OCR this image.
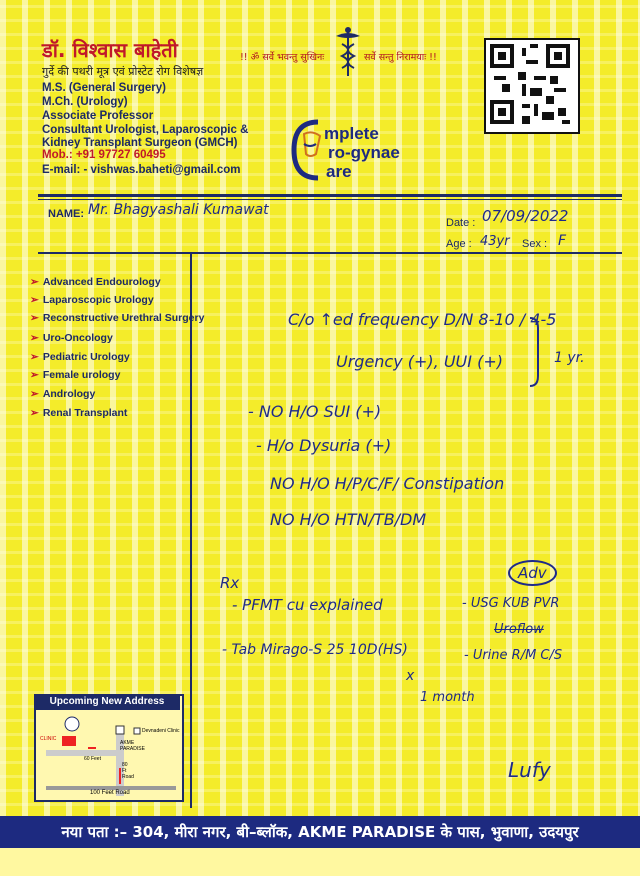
डॉ. विश्वास बाहेती
गुर्दे की पथरी मूत्र एवं प्रोस्टेट रोग विशेषज्ञ
M.S. (General Surgery)
M.Ch. (Urology)
Associate Professor
Consultant Urologist, Laparoscopic &
Kidney Transplant Surgeon (GMCH)
Mob.: +91 97727 60495
E-mail: - vishwas.baheti@gmail.com
!! ॐ सर्वे भवन्तु सुखिनः	सर्वे सन्तु निरामयाः !!
mplete
ro-gynae
are
NAME: Mr. Bhagyashali Kumawat
Date : 07/09/2022
Age : 43yr Sex : F
➢ Advanced Endourology
➢ Laparoscopic Urology
➢ Reconstructive Urethral Surgery
➢ Uro-Oncology
➢ Pediatric Urology
➢ Female urology
➢ Andrology
➢ Renal Transplant
CLINIC
60 Feet
AKME PARADISE
Devnadeni Clinic
80 Ft Road
100 Feet Road
Upcoming New Address
C/o ↑ed frequency D/N 8-10 / 4-5
Urgency (+), UUI (+)	1 yr.
- NO H/O SUI (+)
- H/o Dysuria (+)
NO H/O H/P/C/F/ Constipation
NO H/O HTN/TB/DM
Rx
- PFMT cu explained
- Tab Mirago-S 25 10D(HS)
x
1 month
Adv
- USG KUB PVR
Uroflow
- Urine R/M C/S
Lufy
नया पता :– 304, मीरा नगर, बी–ब्लॉक, AKME PARADISE के पास, भुवाणा, उदयपुर
